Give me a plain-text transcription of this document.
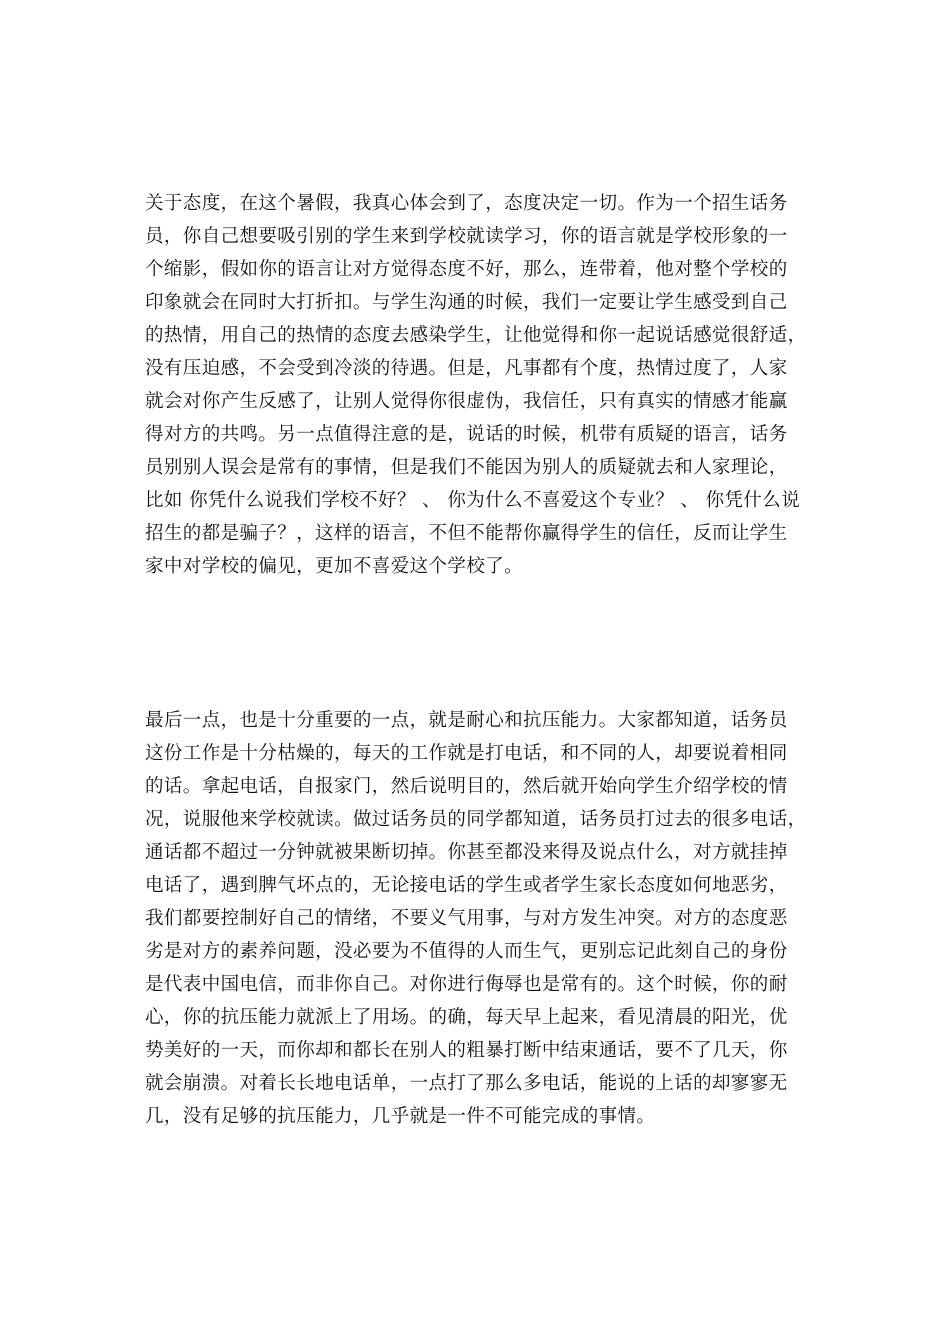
关于态度，在这个暑假，我真心体会到了，态度决定一切。作为一个招生话务
员，你自己想要吸引别的学生来到学校就读学习，你的语言就是学校形象的一
个缩影，假如你的语言让对方觉得态度不好，那么，连带着，他对整个学校的
印象就会在同时大打折扣。与学生沟通的时候，我们一定要让学生感受到自己
的热情，用自己的热情的态度去感染学生，让他觉得和你一起说话感觉很舒适，
没有压迫感，不会受到冷淡的待遇。但是，凡事都有个度，热情过度了，人家
就会对你产生反感了，让别人觉得你很虚伪，我信任，只有真实的情感才能赢
得对方的共鸣。另一点值得注意的是，说话的时候，机带有质疑的语言，话务
员别别人误会是常有的事情，但是我们不能因为别人的质疑就去和人家理论，
比如 你凭什么说我们学校不好？ 、 你为什么不喜爱这个专业？ 、 你凭什么说
招生的都是骗子？，这样的语言，不但不能帮你赢得学生的信任，反而让学生
家中对学校的偏见，更加不喜爱这个学校了。
最后一点，也是十分重要的一点，就是耐心和抗压能力。大家都知道，话务员
这份工作是十分枯燥的，每天的工作就是打电话，和不同的人，却要说着相同
的话。拿起电话，自报家门，然后说明目的，然后就开始向学生介绍学校的情
况，说服他来学校就读。做过话务员的同学都知道，话务员打过去的很多电话，
通话都不超过一分钟就被果断切掉。你甚至都没来得及说点什么，对方就挂掉
电话了，遇到脾气坏点的，无论接电话的学生或者学生家长态度如何地恶劣，
我们都要控制好自己的情绪，不要义气用事，与对方发生冲突。对方的态度恶
劣是对方的素养问题，没必要为不值得的人而生气，更别忘记此刻自己的身份
是代表中国电信，而非你自己。对你进行侮辱也是常有的。这个时候，你的耐
心，你的抗压能力就派上了用场。的确，每天早上起来，看见清晨的阳光，优
势美好的一天，而你却和都长在别人的粗暴打断中结束通话，要不了几天，你
就会崩溃。对着长长地电话单，一点打了那么多电话，能说的上话的却寥寥无
几，没有足够的抗压能力，几乎就是一件不可能完成的事情。
